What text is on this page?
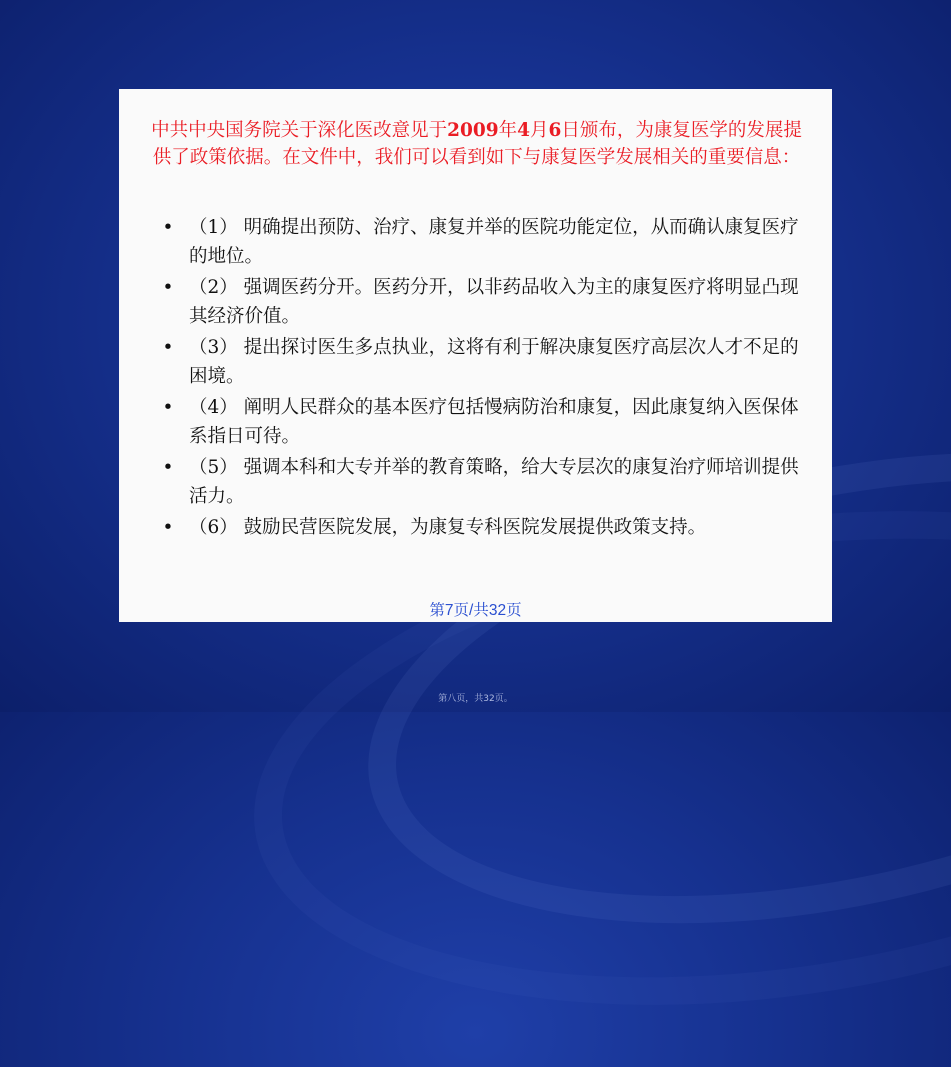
中共中央国务院关于深化医改意见于2009年4月6日颁布，为康复医学的发展提供了政策依据。在文件中，我们可以看到如下与康复医学发展相关的重要信息：
• （1） 明确提出预防、治疗、康复并举的医院功能定位，从而确认康复医疗的地位。
• （2） 强调医药分开。医药分开，以非药品收入为主的康复医疗将明显凸现其经济价值。
• （3） 提出探讨医生多点执业，这将有利于解决康复医疗高层次人才不足的困境。
• （4） 阐明人民群众的基本医疗包括慢病防治和康复，因此康复纳入医保体系指日可待。
• （5） 强调本科和大专并举的教育策略，给大专层次的康复治疗师培训提供活力。
• （6） 鼓励民营医院发展，为康复专科医院发展提供政策支持。
第7页/共32页
第八页，共32页。
